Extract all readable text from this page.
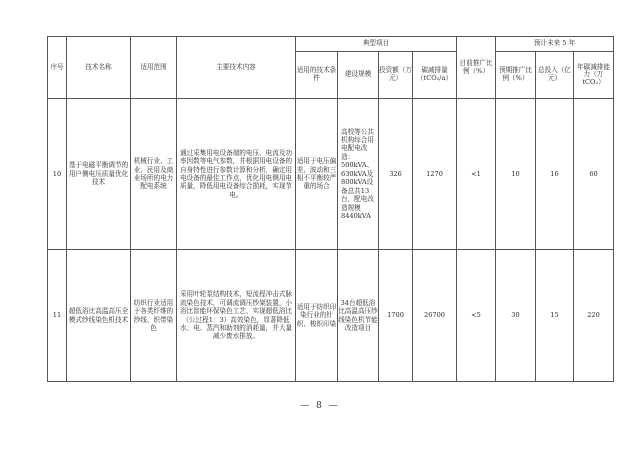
序号	技术名称	适用范围	主要技术内容	典型项目				目前推广比例（%）	预计未来 5 年		
				适用的技术条件	建设规模	投资额（万元）	碳减排量（tCO₂/a）		预期推广比例（%）	总投入（亿元）	年碳减排能力（万 tCO₂）
10	基于电磁平衡调节的用户侧电压质量优化技术	机械行业、工业、民用及商业场所的电力配电系统	通过采集用电设备端的电压、电流及功率因数等电气参数，并根据用电设备的自身特性进行参数计算和分析，确定用电设备的最佳工作点，优化用电侧用电质量，降低用电设备综合损耗，实现节电。	适用于电压偏差、波动和三相不平衡较严重的场合	高校等公共机构综合用电配电改造：500kVA、630kVA及800kVA设备总共13台，配电改造规模8440kVA	326	1270	<1	10	16	60
11	超低浴比高温高压全模式纱线染色机技术	纺织行业适用于各类纤维的纱线、织带染色	采用叶轮泵结构技术，短流程冲击式脉流染色技术，可调流调压纱架装置，小浴比智能环保染色工艺，实现超低浴比（公过程1：3）高效染色，显著降低水、电、蒸汽和助剂的消耗量，并大量减少废水排放。	适用于纺织印染行业的针织、梭织印染	34台超低浴比高温高压纱线染色机节能改造项目	1700	26700	<5	30	15	220
— 8 —
